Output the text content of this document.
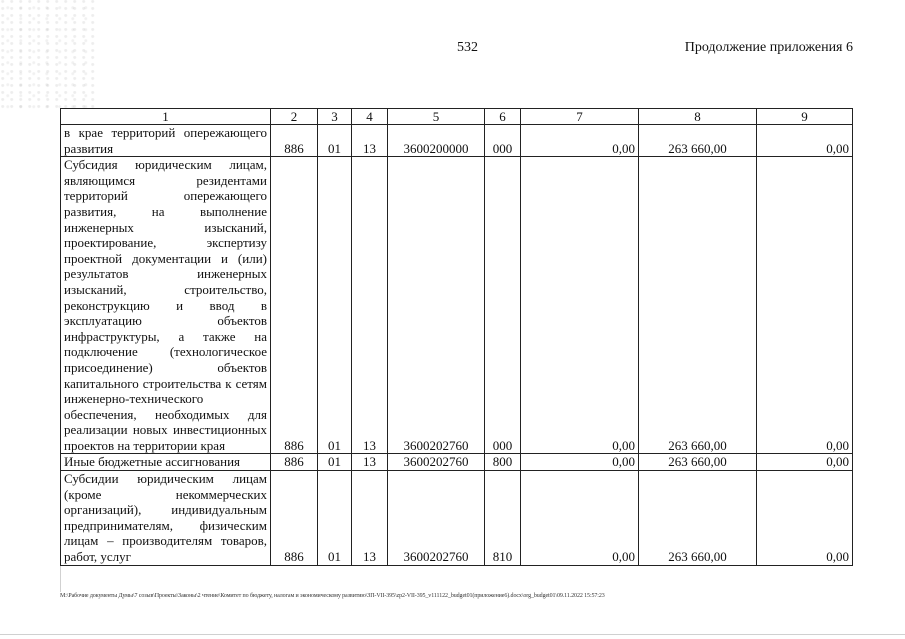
532	Продолжение приложения 6
1	2	3	4	5	6	7	8	9
в крае территорий опережающего развития	886	01	13	3600200000	000	0,00	263 660,00	0,00
Субсидия юридическим лицам, являющимся резидентами территорий опережающего развития, на выполнение инженерных изысканий, проектирование, экспертизу проектной документации и (или) результатов инженерных изысканий, строительство, реконструкцию и ввод в эксплуатацию объектов инфраструктуры, а также на подключение (технологическое присоединение) объектов капитального строительства к сетям инженерно-технического обеспечения, необходимых для реализации новых инвестиционных проектов на территории края	886	01	13	3600202760	000	0,00	263 660,00	0,00
Иные бюджетные ассигнования	886	01	13	3600202760	800	0,00	263 660,00	0,00
Субсидии юридическим лицам (кроме некоммерческих организаций), индивидуальным предпринимателям, физическим лицам – производителям товаров, работ, услуг	886	01	13	3600202760	810	0,00	263 660,00	0,00
M:\Рабочие документы Думы\7 созыв\Проекты\Законы\2 чтение\Комитет по бюджету, налогам и экономическому развитию\ЗП-VII-395\zp2-VII-395_v111122_budget01(приложение6).docx\org_budget01\09.11.2022 15:57:23
